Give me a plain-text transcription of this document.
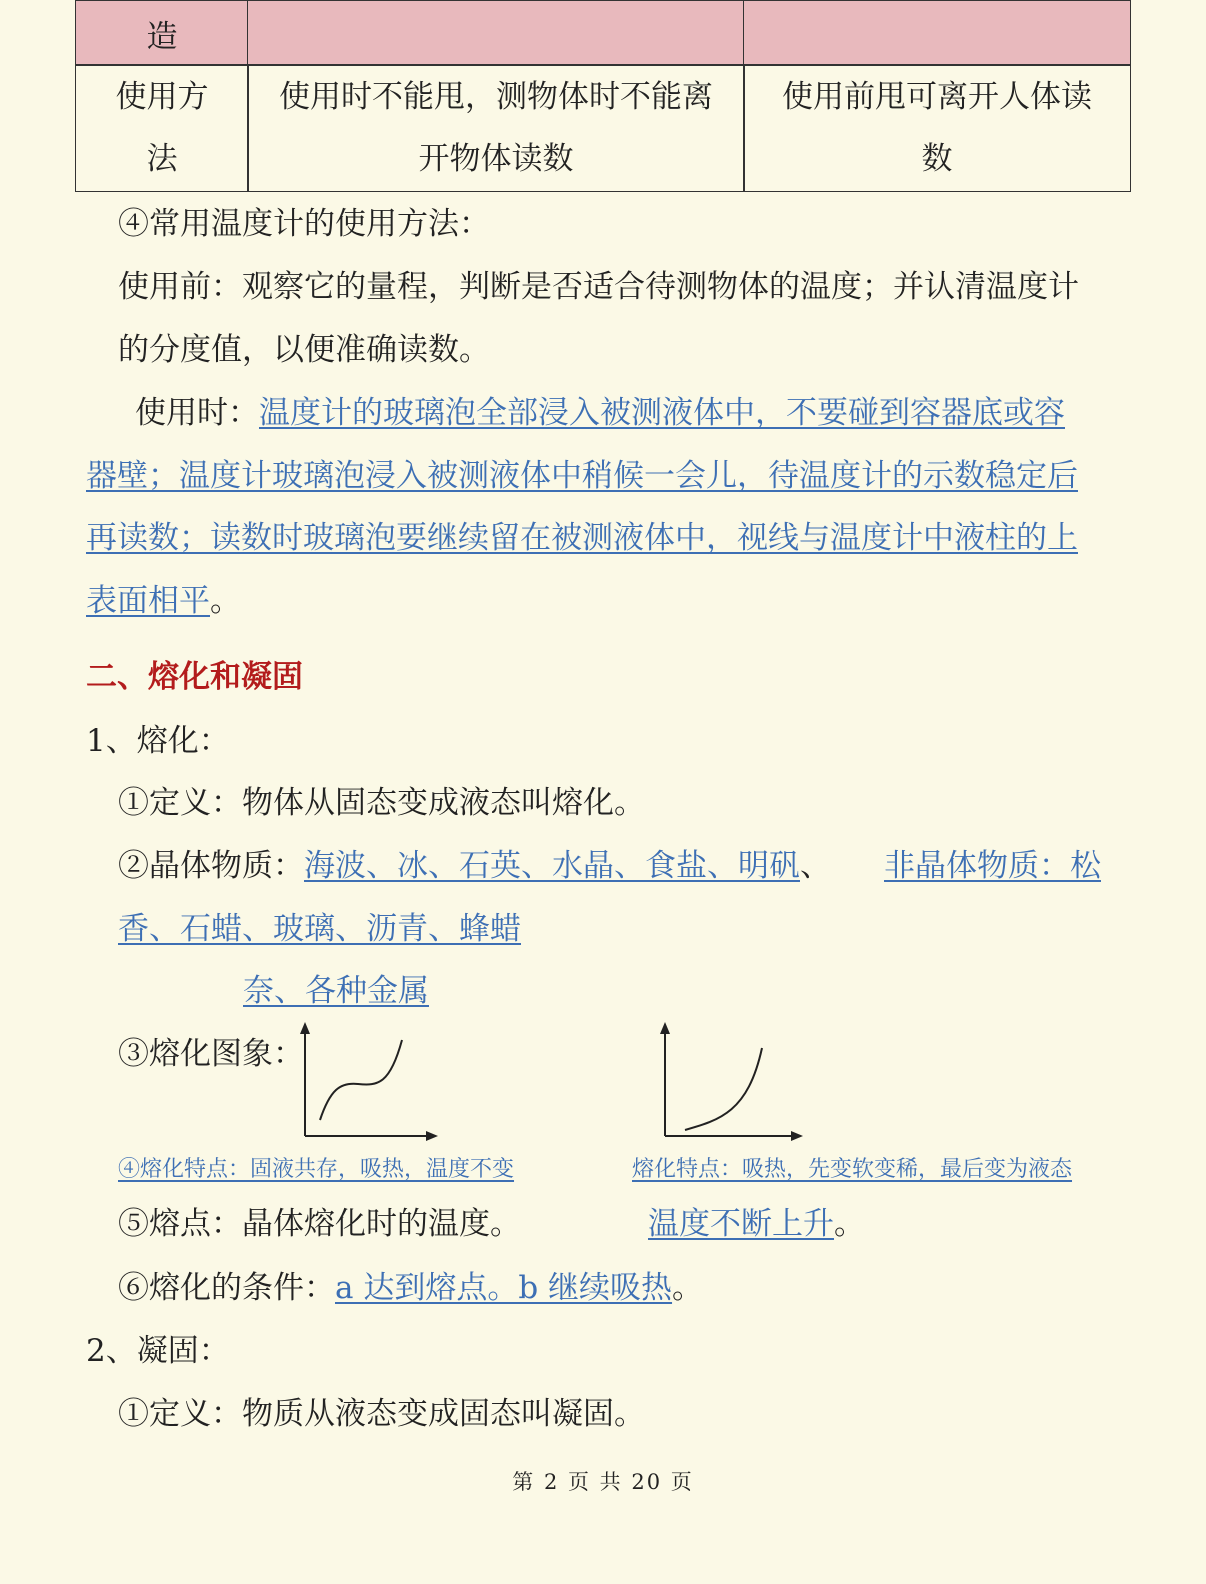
造
使用方
法
使用时不能甩，测物体时不能离
开物体读数
使用前甩可离开人体读
数
④常用温度计的使用方法：
使用前：观察它的量程，判断是否适合待测物体的温度；并认清温度计
的分度值，以便准确读数。
使用时：温度计的玻璃泡全部浸入被测液体中，不要碰到容器底或容
器壁；温度计玻璃泡浸入被测液体中稍候一会儿，待温度计的示数稳定后
再读数；读数时玻璃泡要继续留在被测液体中，视线与温度计中液柱的上
表面相平。
二、熔化和凝固
1、熔化：
①定义：物体从固态变成液态叫熔化。
②晶体物质：海波、冰、石英、水晶、食盐、明矾、 非晶体物质：松
香、石蜡、玻璃、沥青、蜂蜡
奈、各种金属
③熔化图象：
④熔化特点：固液共存，吸热，温度不变	熔化特点：吸热，先变软变稀，最后变为液态
⑤熔点：晶体熔化时的温度。	温度不断上升。
⑥熔化的条件：a 达到熔点。b 继续吸热。
2、凝固：
①定义：物质从液态变成固态叫凝固。
第 2 页 共 20 页
